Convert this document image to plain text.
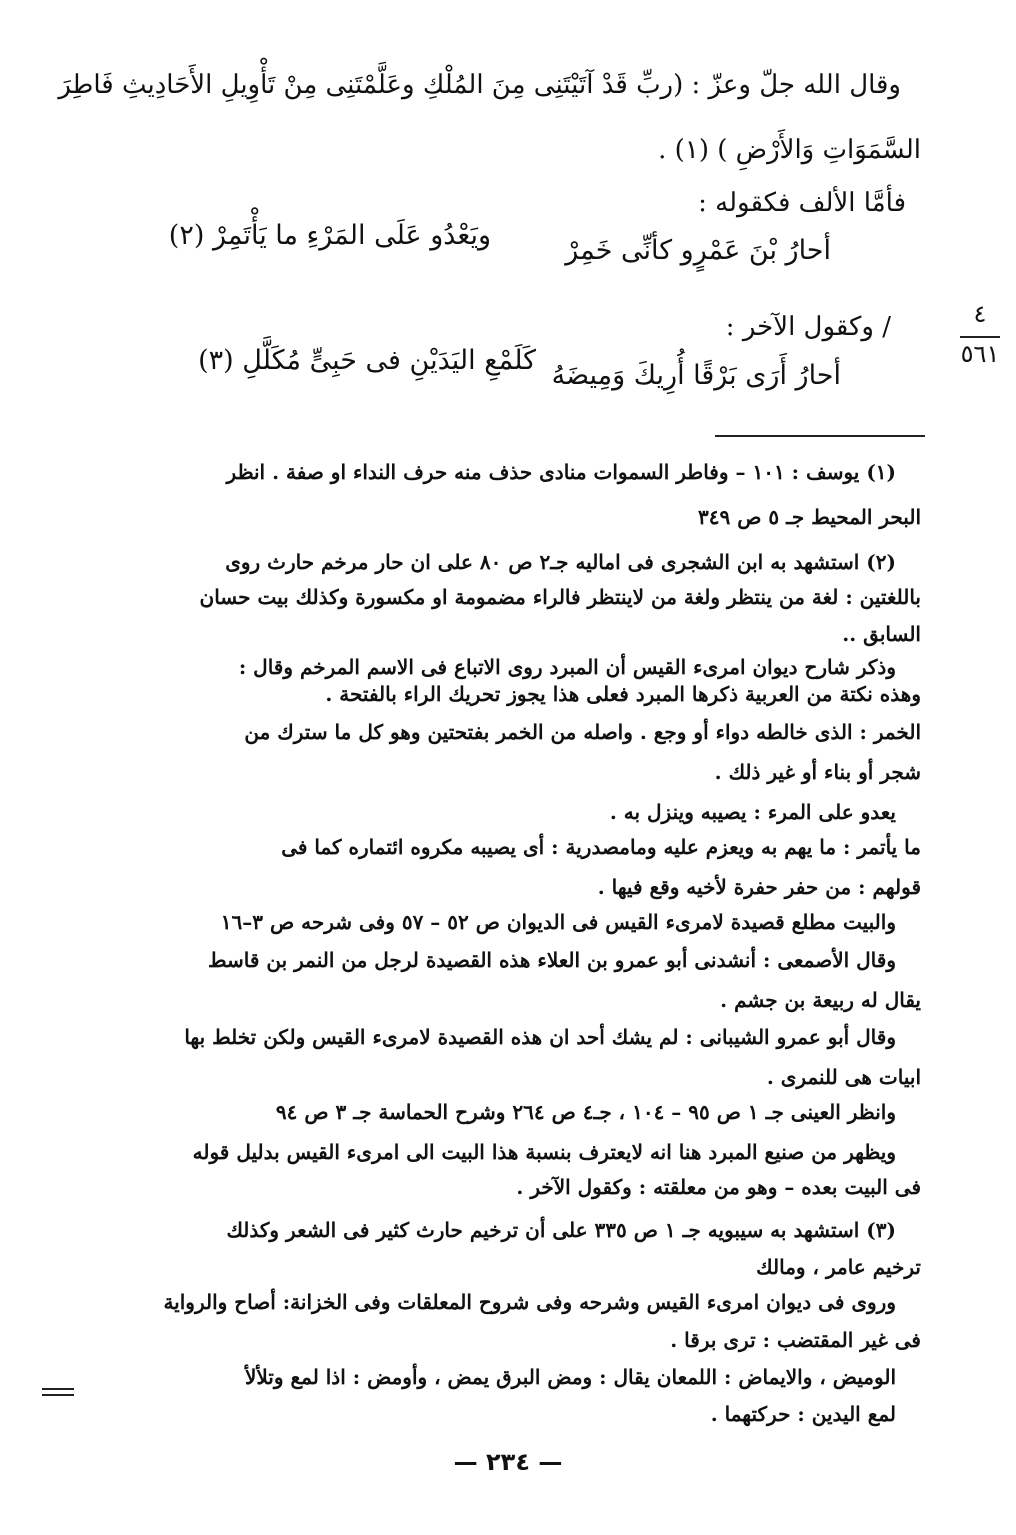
وقال الله جلّ وعزّ : (ربِّ قَدْ آتَيْتَنِى مِنَ المُلْكِ وعَلَّمْتَنِى مِنْ تَأْوِيلِ الأَحَادِيثِ فَاطِرَ
السَّمَوَاتِ وَالأَرْضِ ) (١) .
فأمَّا الألف فكقوله :
أحارُ بْنَ عَمْرٍو كأنِّى خَمِرْ
ويَعْدُو عَلَى المَرْءِ ما يَأْتَمِرْ (٢)
/ وكقول الآخر :
أحارُ أَرَى بَرْقًا أُرِيكَ وَمِيضَهُ
كَلَمْعِ اليَدَيْنِ فى حَبِىٍّ مُكَلَّلِ (٣)
٤
٥٦١
(١) يوسف : ١٠١ – وفاطر السموات منادى حذف منه حرف النداء او صفة . انظر
البحر المحيط جـ ٥ ص ٣٤٩
(٢) استشهد به ابن الشجرى فى اماليه جـ٢ ص ٨٠ على ان حار مرخم حارث روى
باللغتين : لغة من ينتظر ولغة من لاينتظر فالراء مضمومة او مكسورة وكذلك بيت حسان
السابق ..
وذكر شارح ديوان امرىء القيس أن المبرد روى الاتباع فى الاسم المرخم وقال :
وهذه نكتة من العربية ذكرها المبرد فعلى هذا يجوز تحريك الراء بالفتحة .
الخمر : الذى خالطه دواء أو وجع . واصله من الخمر بفتحتين وهو كل ما سترك من
شجر أو بناء أو غير ذلك .
يعدو على المرء : يصيبه وينزل به .
ما يأتمر : ما يهم به ويعزم عليه ومامصدرية : أى يصيبه مكروه ائتماره كما فى
قولهم : من حفر حفرة لأخيه وقع فيها .
والبيت مطلع قصيدة لامرىء القيس فى الديوان ص ٥٢ – ٥٧ وفى شرحه ص ٣–١٦
وقال الأصمعى : أنشدنى أبو عمرو بن العلاء هذه القصيدة لرجل من النمر بن قاسط
يقال له ربيعة بن جشم .
وقال أبو عمرو الشيبانى : لم يشك أحد ان هذه القصيدة لامرىء القيس ولكن تخلط بها
ابيات هى للنمرى .
وانظر العينى جـ ١ ص ٩٥ – ١٠٤ ، جـ٤ ص ٢٦٤ وشرح الحماسة جـ ٣ ص ٩٤
ويظهر من صنيع المبرد هنا انه لايعترف بنسبة هذا البيت الى امرىء القيس بدليل قوله
فى البيت بعده – وهو من معلقته : وكقول الآخر .
(٣) استشهد به سيبويه جـ ١ ص ٣٣٥ على أن ترخيم حارث كثير فى الشعر وكذلك
ترخيم عامر ، ومالك
وروى فى ديوان امرىء القيس وشرحه وفى شروح المعلقات وفى الخزانة: أصاح والرواية
فى غير المقتضب : ترى برقا .
الوميض ، والايماض : اللمعان يقال : ومض البرق يمض ، وأومض : اذا لمع وتلألأ
لمع اليدين : حركتهما .
— ٢٣٤ —
